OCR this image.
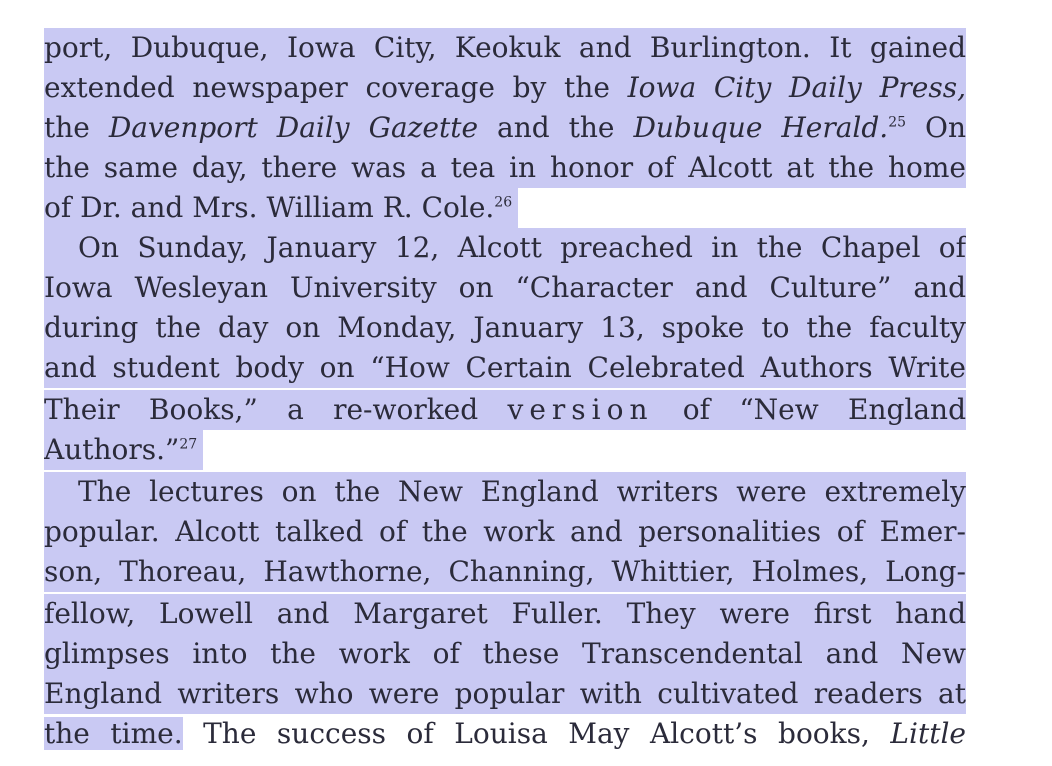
port, Dubuque, Iowa City, Keokuk and Burlington. It gained
extended newspaper coverage by the Iowa City Daily Press,
the Davenport Daily Gazette and the Dubuque Herald.$^{25}$ On
the same day, there was a tea in honor of Alcott at the home
of Dr. and Mrs. William R. Cole.$^{26}$
On Sunday, January 12, Alcott preached in the Chapel of
Iowa Wesleyan University on “Character and Culture” and
during the day on Monday, January 13, spoke to the faculty
and student body on “How Certain Celebrated Authors Write
Their Books,” a re-worked version of “New England
Authors.”$^{27}$
The lectures on the New England writers were extremely
popular. Alcott talked of the work and personalities of Emer-
son, Thoreau, Hawthorne, Channing, Whittier, Holmes, Long-
fellow, Lowell and Margaret Fuller. They were first hand
glimpses into the work of these Transcendental and New
England writers who were popular with cultivated readers at
the time. The success of Louisa May Alcott’s books, Little
